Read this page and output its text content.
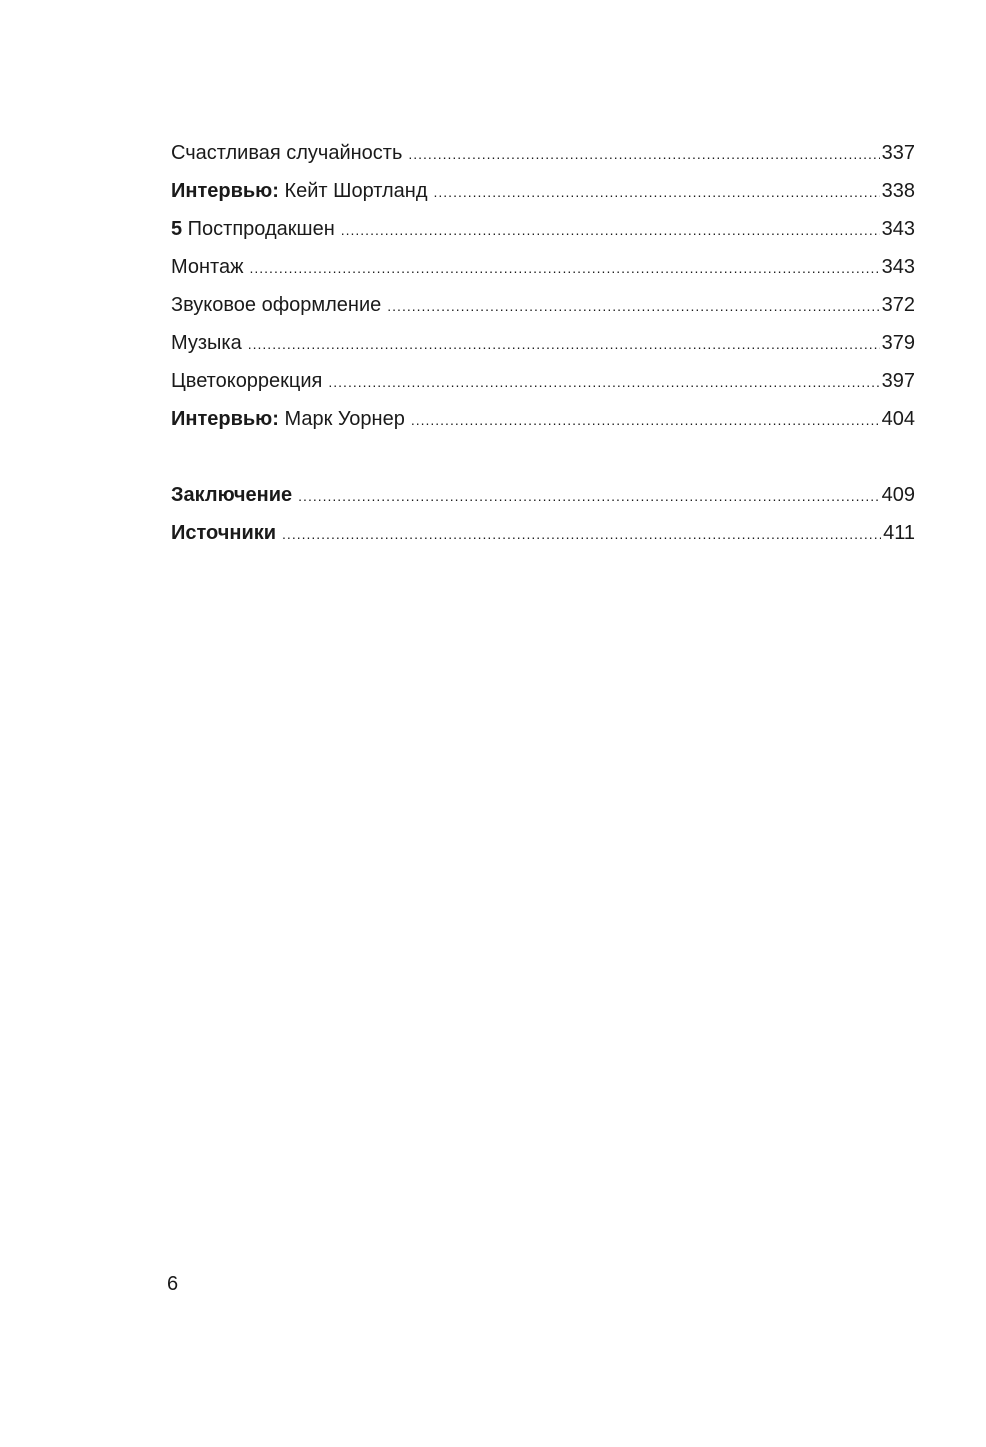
Счастливая случайность .....	337
Интервью: Кейт Шортланд .....	338
5 Постпродакшен .....	343
Монтаж .....	343
Звуковое оформление .....	372
Музыка .....	379
Цветокоррекция .....	397
Интервью: Марк Уорнер .....	404
Заключение .....	409
Источники .....	411
6
